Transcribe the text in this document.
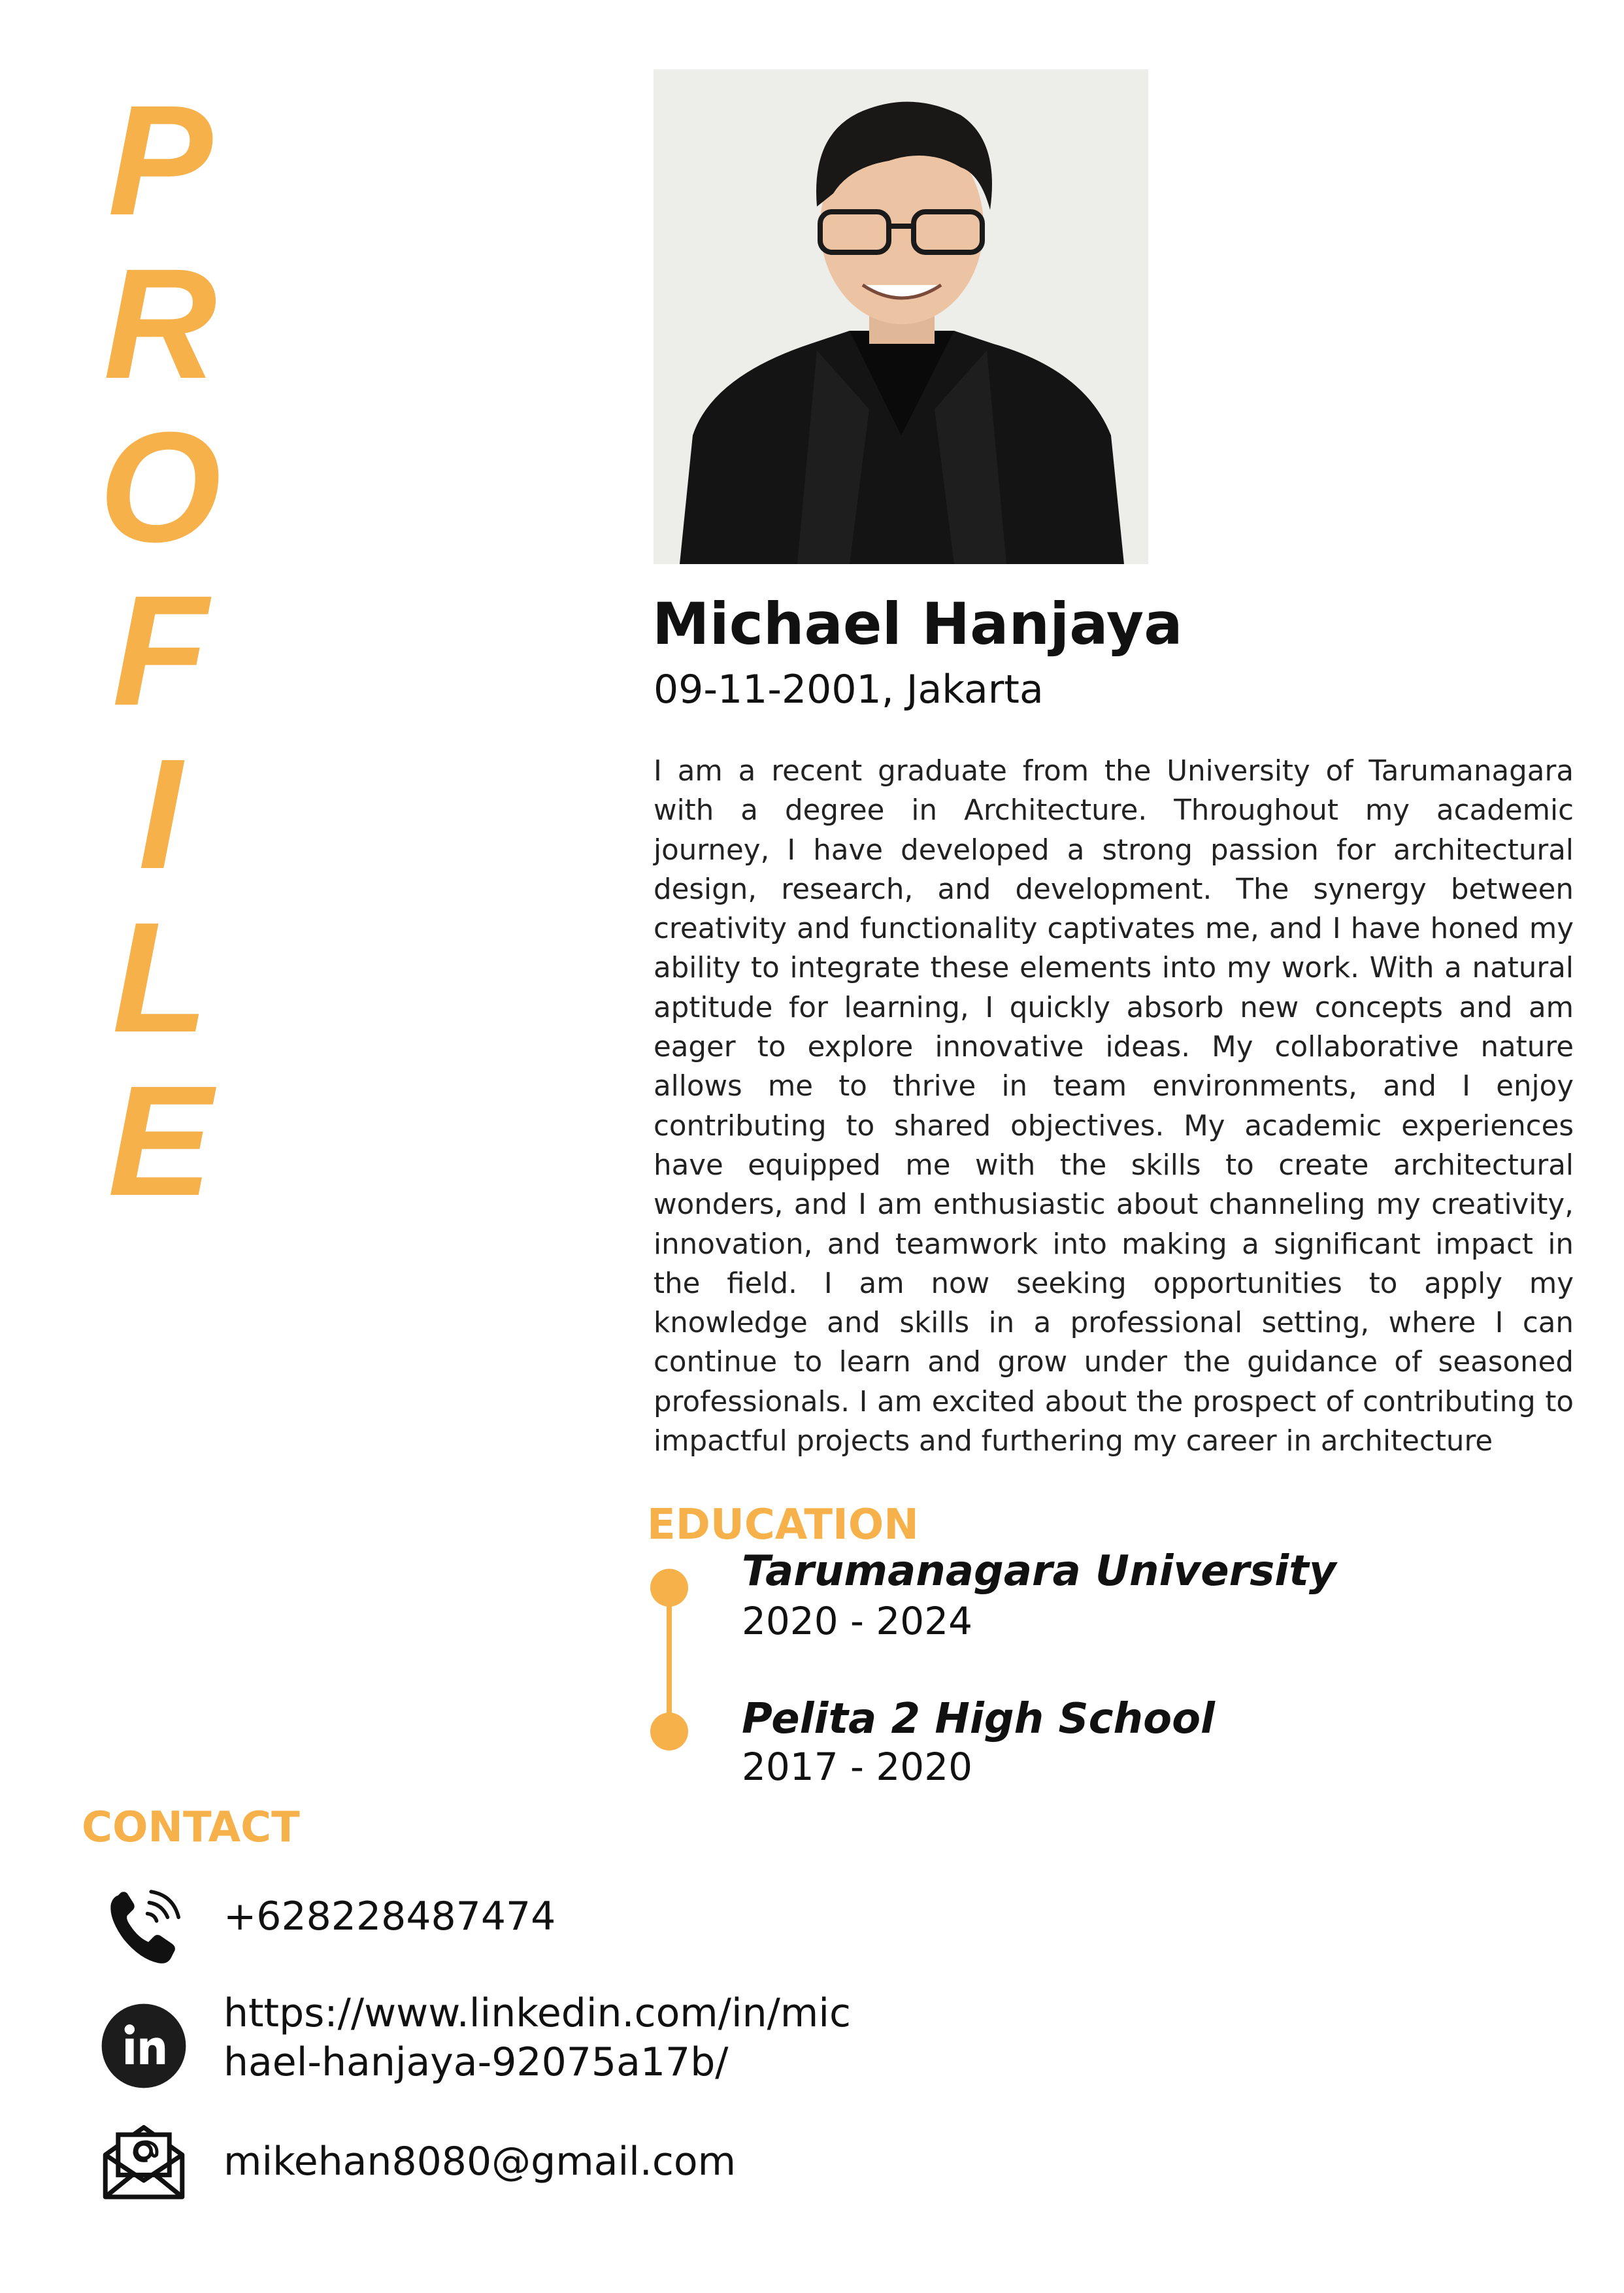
P
R
O
F
I
L
E
Michael Hanjaya
09-11-2001, Jakarta

I am a recent graduate from the University of Tarumanagara with a degree in Architecture. Throughout my academic journey, I have developed a strong passion for architectural design, research, and development. The synergy between creativity and functionality captivates me, and I have honed my ability to integrate these elements into my work. With a natural aptitude for learning, I quickly absorb new concepts and am eager to explore innovative ideas. My collaborative nature allows me to thrive in team environments, and I enjoy contributing to shared objectives. My academic experiences have equipped me with the skills to create architectural wonders, and I am enthusiastic about channeling my creativity, innovation, and teamwork into making a significant impact in the field. I am now seeking opportunities to apply my knowledge and skills in a professional setting, where I can continue to learn and grow under the guidance of seasoned professionals. I am excited about the prospect of contributing to impactful projects and furthering my career in architecture

EDUCATION
Tarumanagara University
2020 - 2024
Pelita 2 High School
2017 - 2020
CONTACT
+628228487474
https://www.linkedin.com/in/michael-hanjaya-92075a17b/
mikehan8080@gmail.com
